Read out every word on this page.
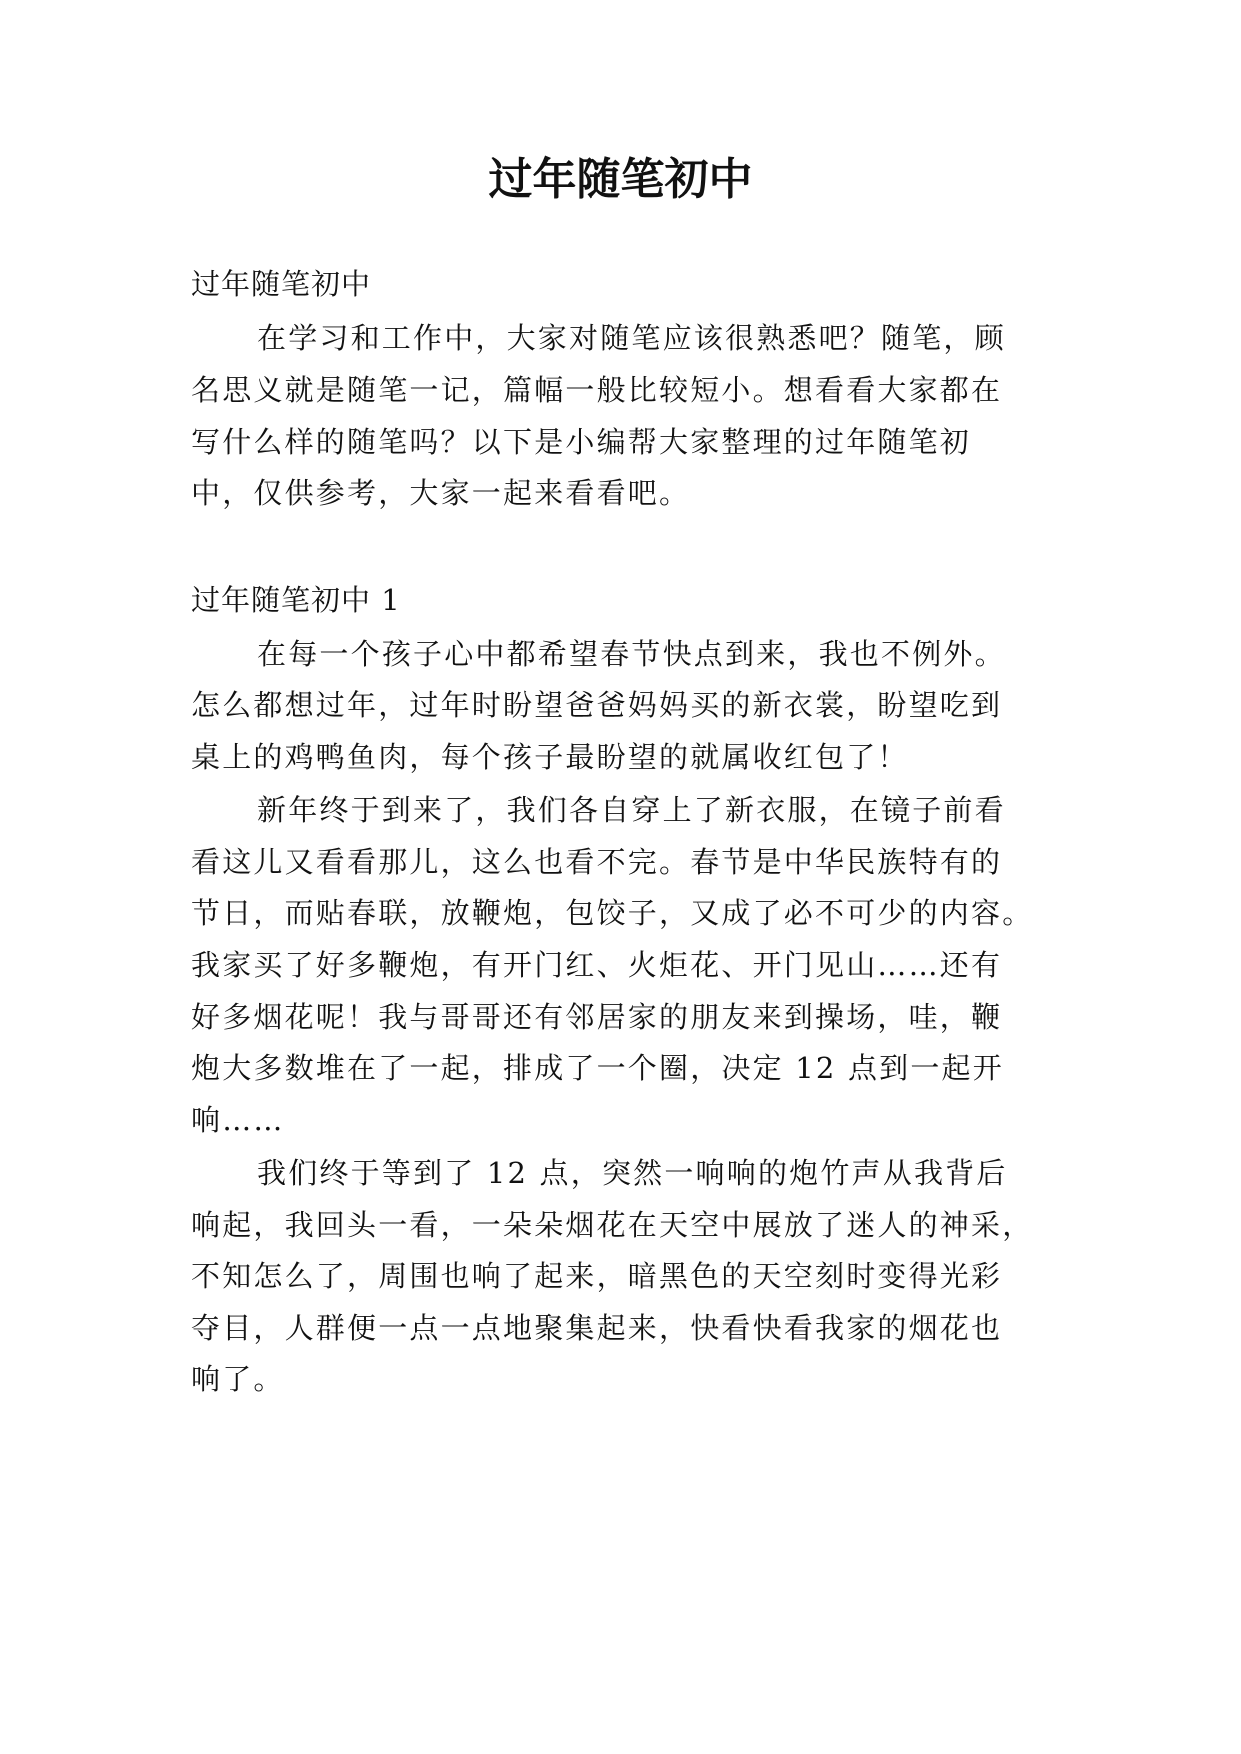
过年随笔初中
过年随笔初中
在学习和工作中，大家对随笔应该很熟悉吧？随笔，顾
名思义就是随笔一记，篇幅一般比较短小。想看看大家都在
写什么样的随笔吗？以下是小编帮大家整理的过年随笔初
中，仅供参考，大家一起来看看吧。
过年随笔初中 1
在每一个孩子心中都希望春节快点到来，我也不例外。
怎么都想过年，过年时盼望爸爸妈妈买的新衣裳，盼望吃到
桌上的鸡鸭鱼肉，每个孩子最盼望的就属收红包了！
新年终于到来了，我们各自穿上了新衣服，在镜子前看
看这儿又看看那儿，这么也看不完。春节是中华民族特有的
节日，而贴春联，放鞭炮，包饺子，又成了必不可少的内容。
我家买了好多鞭炮，有开门红、火炬花、开门见山……还有
好多烟花呢！我与哥哥还有邻居家的朋友来到操场，哇，鞭
炮大多数堆在了一起，排成了一个圈，决定 12 点到一起开
响……
我们终于等到了 12 点，突然一响响的炮竹声从我背后
响起，我回头一看，一朵朵烟花在天空中展放了迷人的神采，
不知怎么了，周围也响了起来，暗黑色的天空刻时变得光彩
夺目，人群便一点一点地聚集起来，快看快看我家的烟花也
响了。
